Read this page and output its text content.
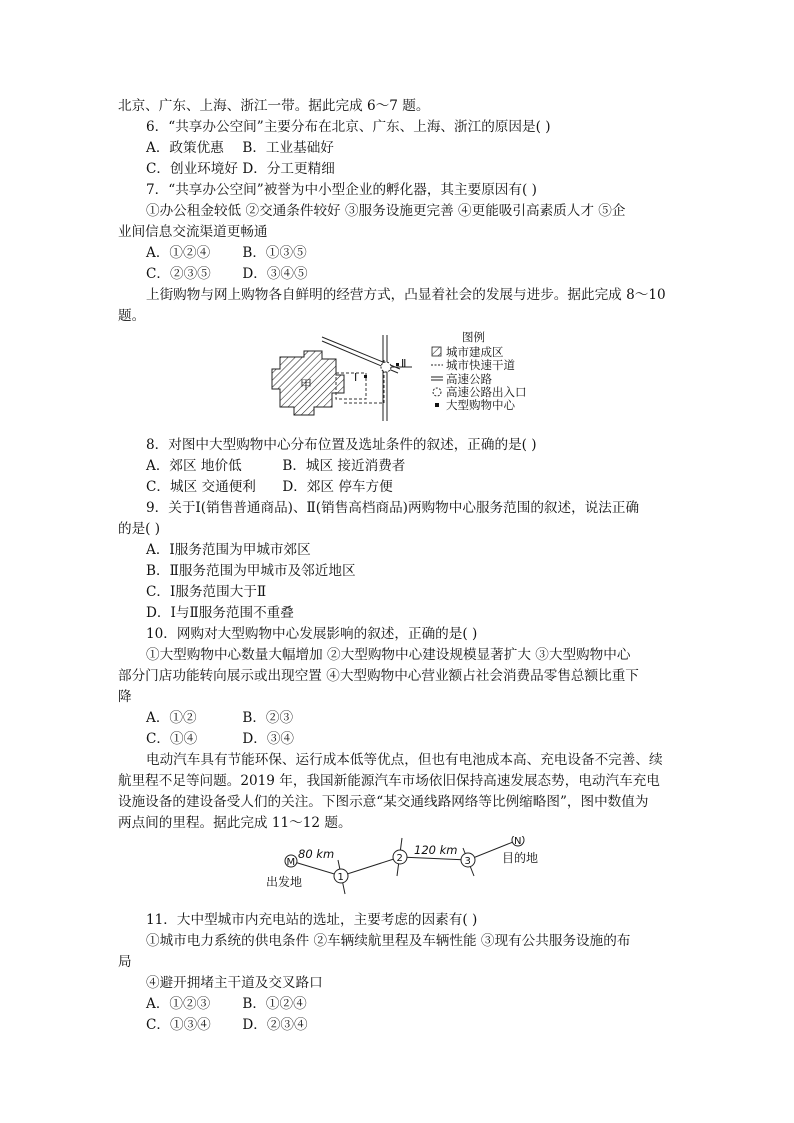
北京、广东、上海、浙江一带。据此完成 6～7 题。
6．“共享办公空间”主要分布在北京、广东、上海、浙江的原因是( )
A．政策优惠 B．工业基础好
C．创业环境好 D．分工更精细
7．“共享办公空间”被誉为中小型企业的孵化器，其主要原因有( )
①办公租金较低 ②交通条件较好 ③服务设施更完善 ④更能吸引高素质人才 ⑤企
业间信息交流渠道更畅通
A．①②④ B．①③⑤
C．②③⑤ D．③④⑤
上街购物与网上购物各自鲜明的经营方式，凸显着社会的发展与进步。据此完成 8～10
题。
甲
Ⅰ
Ⅱ
图例
城市建成区
城市快速干道
高速公路
高速公路出入口
大型购物中心
8．对图中大型购物中心分布位置及选址条件的叙述，正确的是( )
A．郊区 地价低	B．城区 接近消费者
C．城区 交通便利 D．郊区 停车方便
9．关于Ⅰ(销售普通商品)、Ⅱ(销售高档商品)两购物中心服务范围的叙述，说法正确
的是( )
A．Ⅰ服务范围为甲城市郊区
B．Ⅱ服务范围为甲城市及邻近地区
C．Ⅰ服务范围大于Ⅱ
D．Ⅰ与Ⅱ服务范围不重叠
10．网购对大型购物中心发展影响的叙述，正确的是( )
①大型购物中心数量大幅增加 ②大型购物中心建设规模显著扩大 ③大型购物中心
部分门店功能转向展示或出现空置 ④大型购物中心营业额占社会消费品零售总额比重下
降
A．①②	B．②③
C．①④	D．③④
电动汽车具有节能环保、运行成本低等优点，但也有电池成本高、充电设备不完善、续
航里程不足等问题。2019 年，我国新能源汽车市场依旧保持高速发展态势，电动汽车充电
设施设备的建设备受人们的关注。下图示意“某交通线路网络等比例缩略图”，图中数值为
两点间的里程。据此完成 11～12 题。
M
出发地
80 km
1
2
120 km
3
N
目的地
11．大中型城市内充电站的选址，主要考虑的因素有( )
①城市电力系统的供电条件 ②车辆续航里程及车辆性能 ③现有公共服务设施的布
局
④避开拥堵主干道及交叉路口
A．①②③ B．①②④
C．①③④ D．②③④
